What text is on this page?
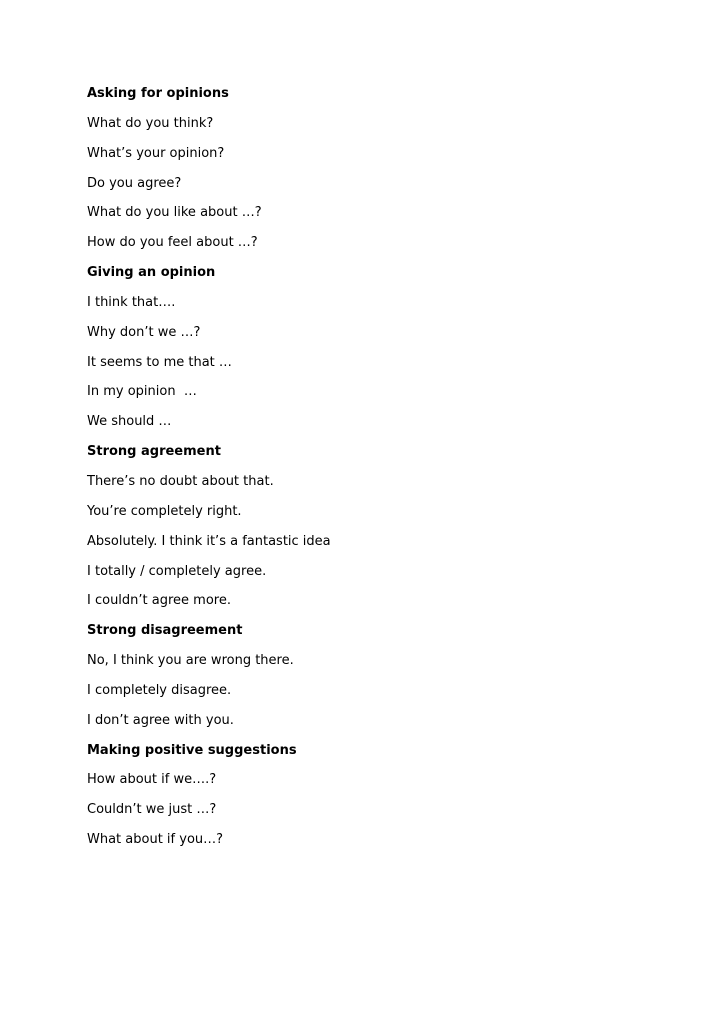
Asking for opinions
What do you think?
What’s your opinion?
Do you agree?
What do you like about …?
How do you feel about …?
Giving an opinion
I think that….
Why don’t we …?
It seems to me that …
In my opinion  …
We should …
Strong agreement
There’s no doubt about that.
You’re completely right.
Absolutely. I think it’s a fantastic idea
I totally / completely agree.
I couldn’t agree more.
Strong disagreement
No, I think you are wrong there.
I completely disagree.
I don’t agree with you.
Making positive suggestions
How about if we….?
Couldn’t we just …?
What about if you…?
